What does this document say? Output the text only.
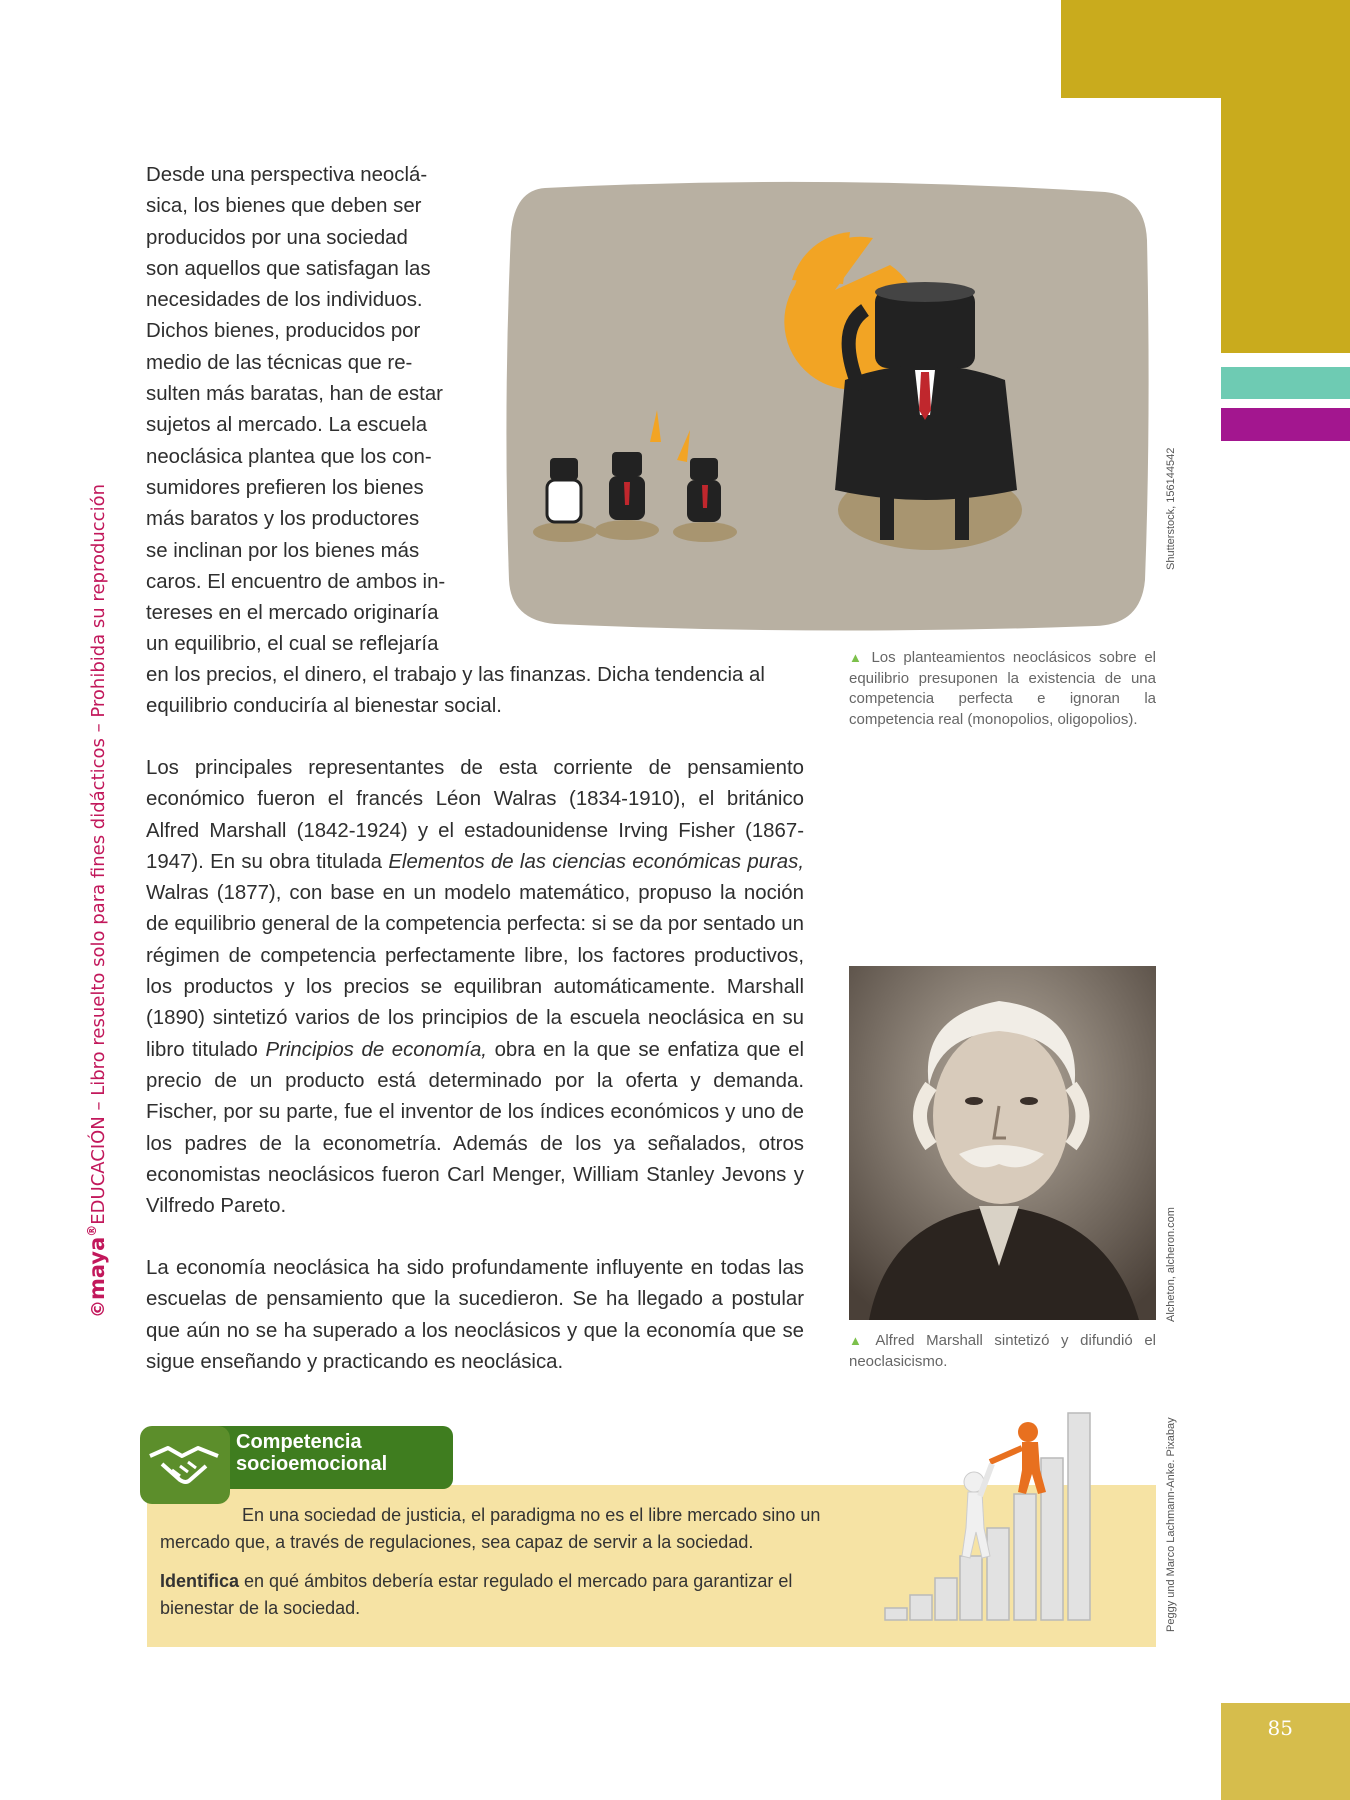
85
©maya®EDUCACIÓN – Libro resuelto solo para fines didácticos – Prohibida su reproducción
Desde una perspectiva neoclá-
sica, los bienes que deben ser
producidos por una sociedad
son aquellos que satisfagan las
necesidades de los individuos.
Dichos bienes, producidos por
medio de las técnicas que re-
sulten más baratas, han de estar
sujetos al mercado. La escuela
neoclásica plantea que los con-
sumidores prefieren los bienes
más baratos y los productores
se inclinan por los bienes más
caros. El encuentro de ambos in-
tereses en el mercado originaría
un equilibrio, el cual se reflejaría
en los precios, el dinero, el trabajo y las finanzas. Dicha tendencia al
equilibrio conduciría al bienestar social.
Los principales representantes de esta corriente de pensamiento económico fueron el francés Léon Walras (1834-1910), el británico Alfred Marshall (1842-1924) y el estadounidense Irving Fisher (1867-1947). En su obra titulada Elementos de las ciencias económicas puras, Walras (1877), con base en un modelo matemático, propuso la noción de equilibrio general de la competencia perfecta: si se da por sentado un régimen de competencia perfectamente libre, los factores productivos, los productos y los precios se equilibran automáticamente. Marshall (1890) sintetizó varios de los principios de la escuela neoclásica en su libro titulado Principios de economía, obra en la que se enfatiza que el precio de un producto está determinado por la oferta y demanda. Fischer, por su parte, fue el inventor de los índices económicos y uno de los padres de la econometría. Además de los ya señalados, otros economistas neoclásicos fueron Carl Menger, William Stanley Jevons y Vilfredo Pareto.
La economía neoclásica ha sido profundamente influyente en todas las escuelas de pensamiento que la sucedieron. Se ha llegado a postular que aún no se ha superado a los neoclásicos y que la economía que se sigue enseñando y practicando es neoclásica.
Shutterstock, 156144542
▲ Los planteamientos neoclásicos sobre el equilibrio presuponen la existencia de una competencia perfecta e ignoran la competencia real (monopolios, oligopolios).
Alcheton, alcheron.com
▲ Alfred Marshall sintetizó y difundió el neoclasicismo.
Competencia
socioemocional
En una sociedad de justicia, el paradigma no es el libre mercado sino un mercado que, a través de regulaciones, sea capaz de servir a la sociedad.
Identifica en qué ámbitos debería estar regulado el mercado para garantizar el bienestar de la sociedad.	Peggy und Marco Lachmann-Anke. Pixabay
